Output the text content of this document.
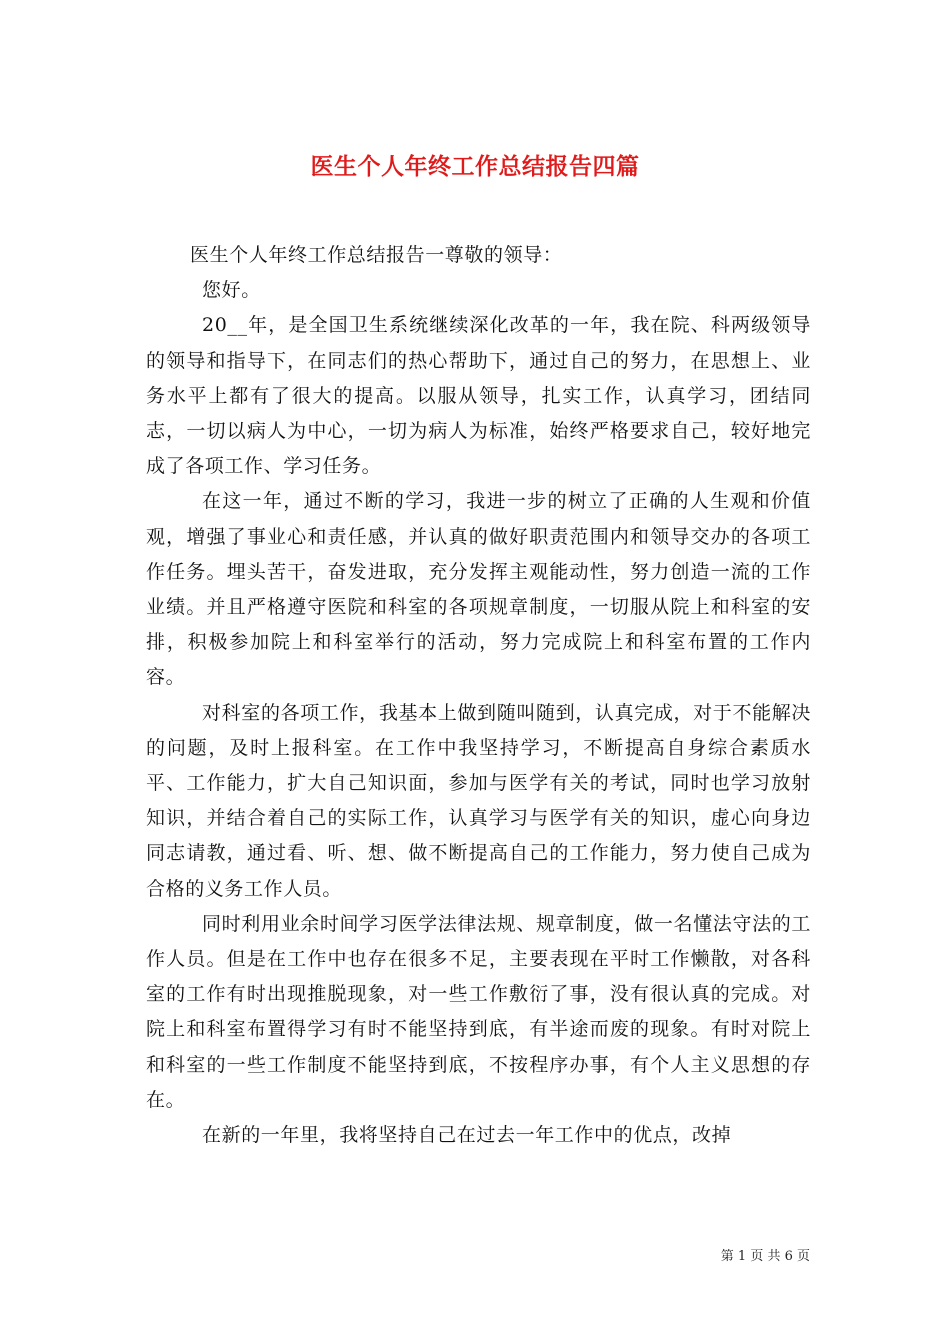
医生个人年终工作总结报告四篇

医生个人年终工作总结报告一尊敬的领导：

您好。

20__年，是全国卫生系统继续深化改革的一年，我在院、科两级领导的领导和指导下，在同志们的热心帮助下，通过自己的努力，在思想上、业务水平上都有了很大的提高。以服从领导，扎实工作，认真学习，团结同志，一切以病人为中心，一切为病人为标准，始终严格要求自己，较好地完成了各项工作、学习任务。

在这一年，通过不断的学习，我进一步的树立了正确的人生观和价值观，增强了事业心和责任感，并认真的做好职责范围内和领导交办的各项工作任务。埋头苦干，奋发进取，充分发挥主观能动性，努力创造一流的工作业绩。并且严格遵守医院和科室的各项规章制度，一切服从院上和科室的安排，积极参加院上和科室举行的活动，努力完成院上和科室布置的工作内容。

对科室的各项工作，我基本上做到随叫随到，认真完成，对于不能解决的问题，及时上报科室。在工作中我坚持学习，不断提高自身综合素质水平、工作能力，扩大自己知识面，参加与医学有关的考试，同时也学习放射知识，并结合着自己的实际工作，认真学习与医学有关的知识，虚心向身边同志请教，通过看、听、想、做不断提高自己的工作能力，努力使自己成为合格的义务工作人员。

同时利用业余时间学习医学法律法规、规章制度，做一名懂法守法的工作人员。但是在工作中也存在很多不足，主要表现在平时工作懒散，对各科室的工作有时出现推脱现象，对一些工作敷衍了事，没有很认真的完成。对院上和科室布置得学习有时不能坚持到底，有半途而废的现象。有时对院上和科室的一些工作制度不能坚持到底，不按程序办事，有个人主义思想的存在。

在新的一年里，我将坚持自己在过去一年工作中的优点，改掉

第 1 页 共 6 页
